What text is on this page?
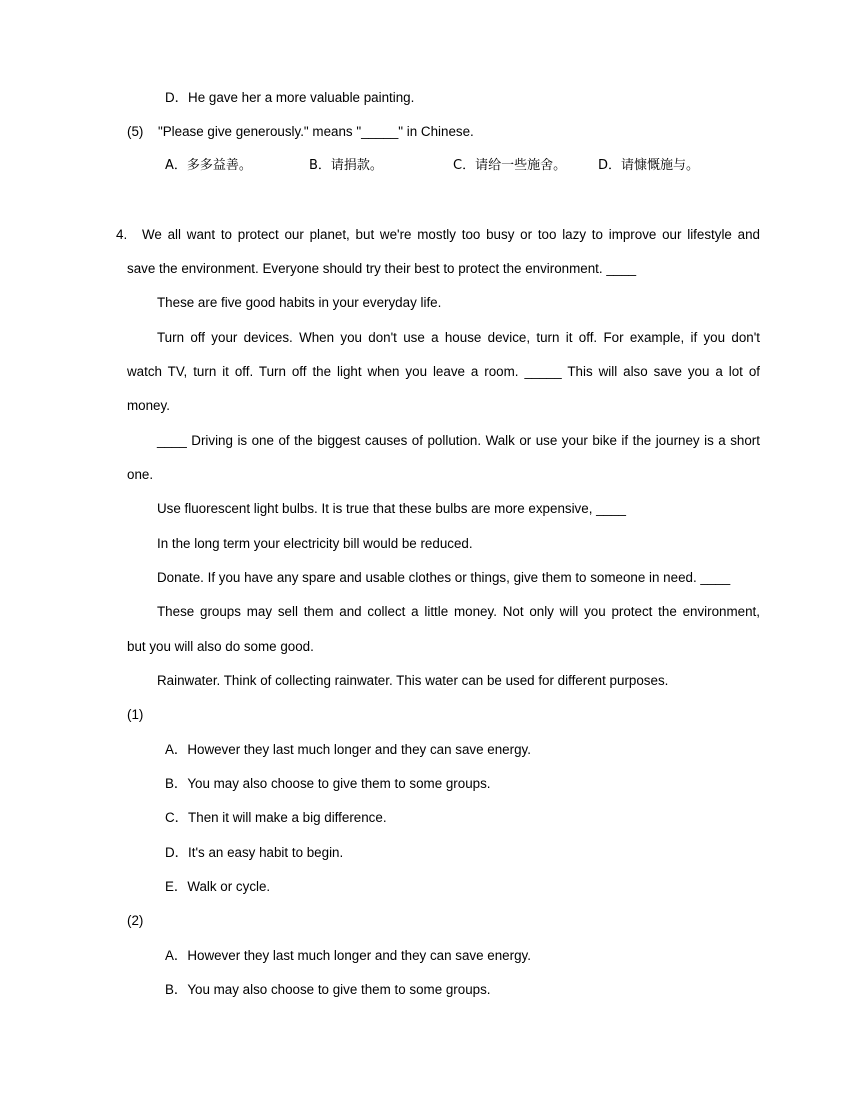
D．He gave her a more valuable painting.
(5) "Please give generously." means "_____" in Chinese.
A．多多益善。	B．请捐款。	C．请给一些施舍。 D．请慷慨施与。
4. We all want to protect our planet, but we're mostly too busy or too lazy to improve our lifestyle and
save the environment. Everyone should try their best to protect the environment. ____
These are five good habits in your everyday life.
Turn off your devices. When you don't use a house device, turn it off. For example, if you don't
watch TV, turn it off. Turn off the light when you leave a room. _____ This will also save you a lot of
money.
____ Driving is one of the biggest causes of pollution. Walk or use your bike if the journey is a short
one.
Use fluorescent light bulbs. It is true that these bulbs are more expensive, ____
In the long term your electricity bill would be reduced.
Donate. If you have any spare and usable clothes or things, give them to someone in need. ____
These groups may sell them and collect a little money. Not only will you protect the environment,
but you will also do some good.
Rainwater. Think of collecting rainwater. This water can be used for different purposes.
(1)
A．However they last much longer and they can save energy.
B．You may also choose to give them to some groups.
C．Then it will make a big difference.
D．It's an easy habit to begin.
E．Walk or cycle.
(2)
A．However they last much longer and they can save energy.
B．You may also choose to give them to some groups.
